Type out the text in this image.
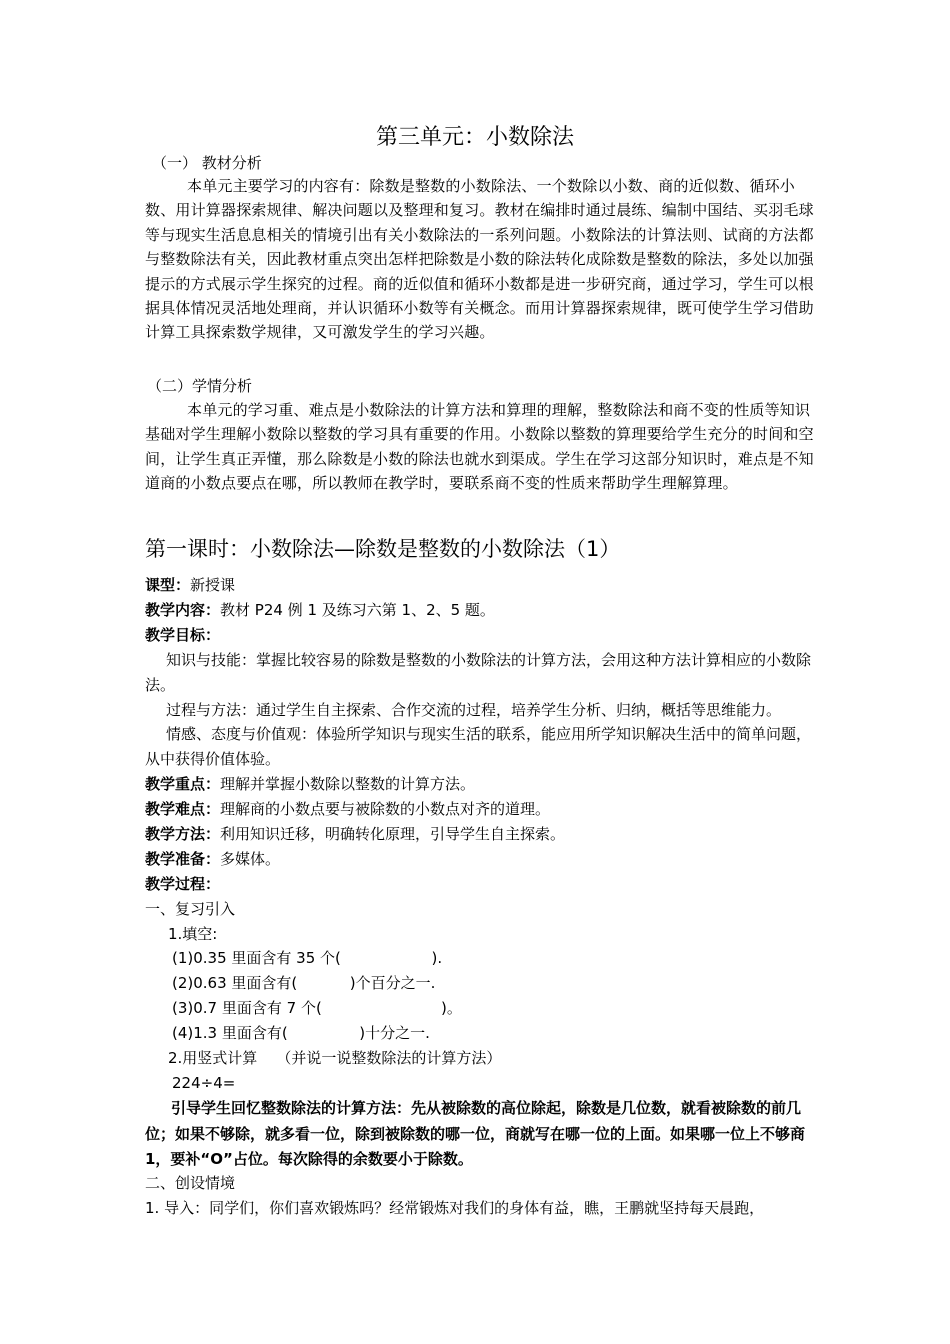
第三单元：小数除法
（一） 教材分析

本单元主要学习的内容有：除数是整数的小数除法、一个数除以小数、商的近似数、循环小数、用计算器探索规律、解决问题以及整理和复习。教材在编排时通过晨练、编制中国结、买羽毛球等与现实生活息息相关的情境引出有关小数除法的一系列问题。小数除法的计算法则、试商的方法都与整数除法有关，因此教材重点突出怎样把除数是小数的除法转化成除数是整数的除法，多处以加强提示的方式展示学生探究的过程。商的近似值和循环小数都是进一步研究商，通过学习，学生可以根据具体情况灵活地处理商，并认识循环小数等有关概念。而用计算器探索规律，既可使学生学习借助计算工具探索数学规律，又可激发学生的学习兴趣。

（二）学情分析

本单元的学习重、难点是小数除法的计算方法和算理的理解，整数除法和商不变的性质等知识基础对学生理解小数除以整数的学习具有重要的作用。小数除以整数的算理要给学生充分的时间和空间，让学生真正弄懂，那么除数是小数的除法也就水到渠成。学生在学习这部分知识时，难点是不知道商的小数点要点在哪，所以教师在教学时，要联系商不变的性质来帮助学生理解算理。

第一课时：小数除法—除数是整数的小数除法（1）
课型：新授课
教学内容：教材 P24 例 1 及练习六第 1、2、5 题。
教学目标：

知识与技能：掌握比较容易的除数是整数的小数除法的计算方法，会用这种方法计算相应的小数除法。

过程与方法：通过学生自主探索、合作交流的过程，培养学生分析、归纳，概括等思维能力。

情感、态度与价值观：体验所学知识与现实生活的联系，能应用所学知识解决生活中的简单问题，从中获得价值体验。

教学重点：理解并掌握小数除以整数的计算方法。
教学难点：理解商的小数点要与被除数的小数点对齐的道理。
教学方法：利用知识迁移，明确转化原理，引导学生自主探索。
教学准备：多媒体。
教学过程：
一、复习引入
1.填空:
(1)0.35 里面含有 35 个(                   ).
(2)0.63 里面含有(           )个百分之一.
(3)0.7 里面含有 7 个(                         )。
(4)1.3 里面含有(               )十分之一.
2.用竖式计算    （并说一说整数除法的计算方法）
224÷4=

引导学生回忆整数除法的计算方法：先从被除数的高位除起，除数是几位数，就看被除数的前几位；如果不够除，就多看一位，除到被除数的哪一位，商就写在哪一位的上面。如果哪一位上不够商 1，要补“O”占位。每次除得的余数要小于除数。

二、创设情境
1. 导入：同学们，你们喜欢锻炼吗？经常锻炼对我们的身体有益，瞧，王鹏就坚持每天晨跑，
